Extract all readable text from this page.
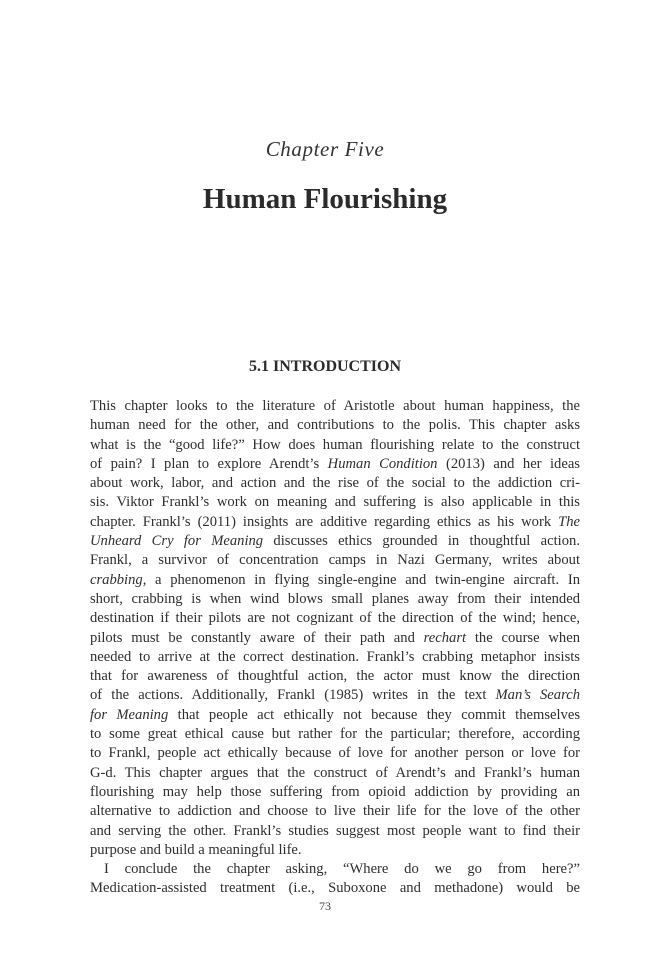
Chapter Five
Human Flourishing
5.1 INTRODUCTION
This chapter looks to the literature of Aristotle about human happiness, the
human need for the other, and contributions to the polis. This chapter asks
what is the “good life?” How does human flourishing relate to the construct
of pain? I plan to explore Arendt’s Human Condition (2013) and her ideas
about work, labor, and action and the rise of the social to the addiction cri-
sis. Viktor Frankl’s work on meaning and suffering is also applicable in this
chapter. Frankl’s (2011) insights are additive regarding ethics as his work The
Unheard Cry for Meaning discusses ethics grounded in thoughtful action.
Frankl, a survivor of concentration camps in Nazi Germany, writes about
crabbing, a phenomenon in flying single-engine and twin-engine aircraft. In
short, crabbing is when wind blows small planes away from their intended
destination if their pilots are not cognizant of the direction of the wind; hence,
pilots must be constantly aware of their path and rechart the course when
needed to arrive at the correct destination. Frankl’s crabbing metaphor insists
that for awareness of thoughtful action, the actor must know the direction
of the actions. Additionally, Frankl (1985) writes in the text Man’s Search
for Meaning that people act ethically not because they commit themselves
to some great ethical cause but rather for the particular; therefore, according
to Frankl, people act ethically because of love for another person or love for
G-d. This chapter argues that the construct of Arendt’s and Frankl’s human
flourishing may help those suffering from opioid addiction by providing an
alternative to addiction and choose to live their life for the love of the other
and serving the other. Frankl’s studies suggest most people want to find their
purpose and build a meaningful life.
I conclude the chapter asking, “Where do we go from here?”
Medication-assisted treatment (i.e., Suboxone and methadone) would be
73
